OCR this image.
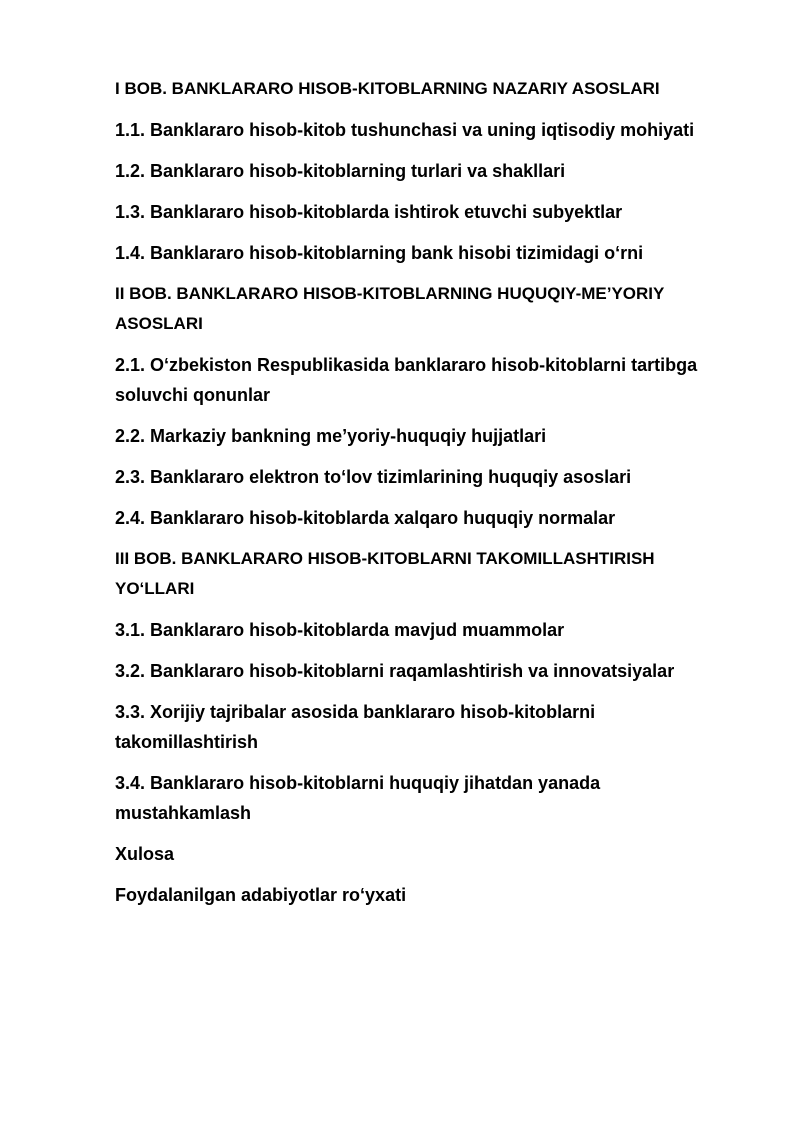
I BOB. BANKLARARO HISOB-KITOBLARNING NAZARIY ASOSLARI

1.1. Banklararo hisob-kitob tushunchasi va uning iqtisodiy mohiyati

1.2. Banklararo hisob-kitoblarning turlari va shakllari

1.3. Banklararo hisob-kitoblarda ishtirok etuvchi subyektlar

1.4. Banklararo hisob-kitoblarning bank hisobi tizimidagi o‘rni

II BOB. BANKLARARO HISOB-KITOBLARNING HUQUQIY-ME’YORIY ASOSLARI

2.1. O‘zbekiston Respublikasida banklararo hisob-kitoblarni tartibga soluvchi qonunlar

2.2. Markaziy bankning me’yoriy-huquqiy hujjatlari

2.3. Banklararo elektron to‘lov tizimlarining huquqiy asoslari

2.4. Banklararo hisob-kitoblarda xalqaro huquqiy normalar

III BOB. BANKLARARO HISOB-KITOBLARNI TAKOMILLASHTIRISH YO‘LLARI

3.1. Banklararo hisob-kitoblarda mavjud muammolar

3.2. Banklararo hisob-kitoblarni raqamlashtirish va innovatsiyalar

3.3. Xorijiy tajribalar asosida banklararo hisob-kitoblarni takomillashtirish

3.4. Banklararo hisob-kitoblarni huquqiy jihatdan yanada mustahkamlash

Xulosa

Foydalanilgan adabiyotlar ro‘yxati
